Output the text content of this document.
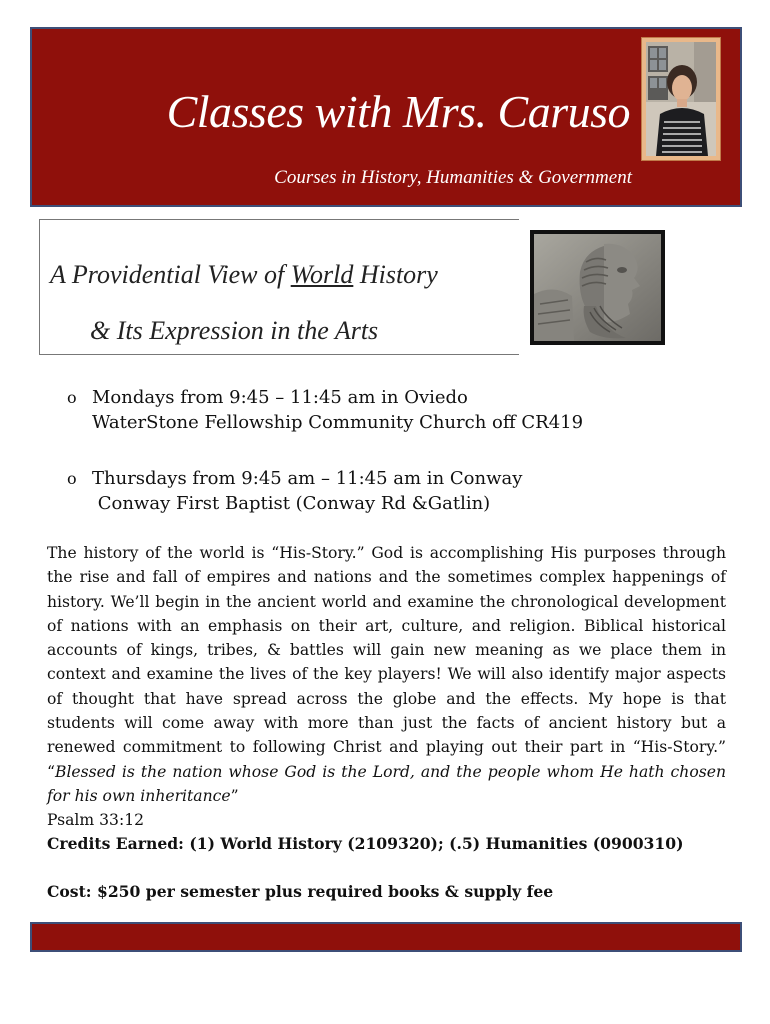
Classes with Mrs. Caruso
Courses in History, Humanities & Government
A Providential View of World History
& Its Expression in the Arts
o Mondays from 9:45 – 11:45 am in Oviedo
WaterStone Fellowship Community Church off CR419
o Thursdays from 9:45 am – 11:45 am in Conway
Conway First Baptist (Conway Rd &Gatlin)
The history of the world is “His-Story.” God is accomplishing His purposes through the rise and fall of empires and nations and the sometimes complex happenings of history. We’ll begin in the ancient world and examine the chronological development of nations with an emphasis on their art, culture, and religion. Biblical historical accounts of kings, tribes, & battles will gain new meaning as we place them in context and examine the lives of the key players! We will also identify major aspects of thought that have spread across the globe and the effects. My hope is that students will come away with more than just the facts of ancient history but a renewed commitment to following Christ and playing out their part in “His-Story.” “Blessed is the nation whose God is the Lord, and the people whom He hath chosen for his own inheritance”
Psalm 33:12
Credits Earned: (1) World History (2109320); (.5) Humanities (0900310)
Cost: $250 per semester plus required books & supply fee
